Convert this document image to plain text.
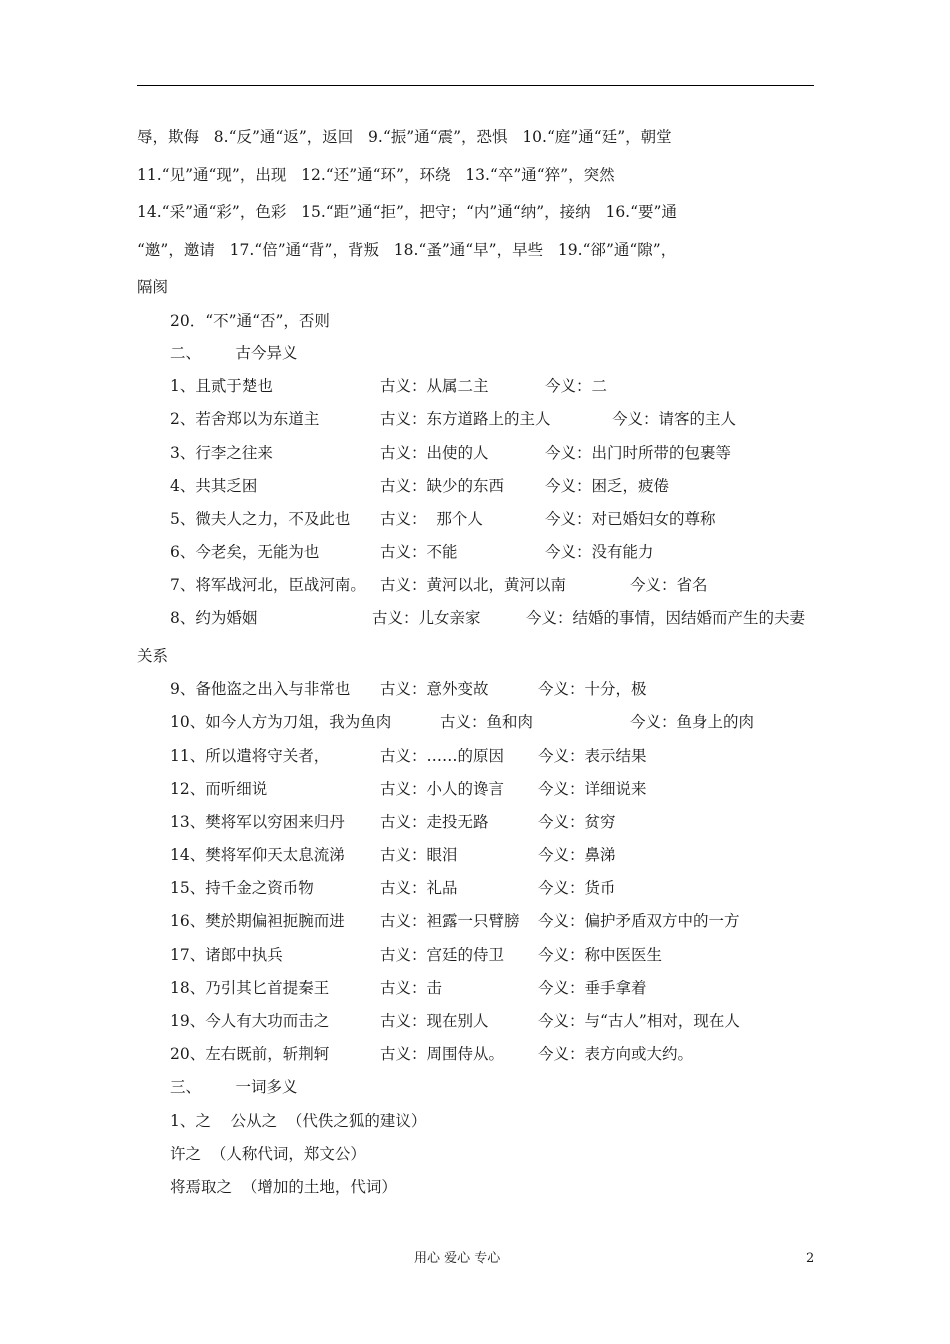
辱，欺侮   8.“反”通“返”，返回   9.“振”通“震”，恐惧   10.“庭”通“廷”，朝堂
11.“见”通“现”，出现   12.“还”通“环”，环绕   13.“卒”通“猝”，突然
14.“采”通“彩”，色彩   15.“距”通“拒”，把守；“内”通“纳”，接纳   16.“要”通
“邀”，邀请   17.“倍”通“背”，背叛   18.“蚤”通“早”，早些   19.“郤”通“隙”，
隔阂
20．“不”通“否”，否则
二、       古今异义
1、且贰于楚也	古义：从属二主	今义：二
2、若舍郑以为东道主	古义：东方道路上的主人	今义：请客的主人
3、行李之往来	古义：出使的人	今义：出门时所带的包裹等
4、共其乏困	古义：缺少的东西	今义：困乏，疲倦
5、微夫人之力，不及此也 古义：  那个人	今义：对已婚妇女的尊称
6、今老矣，无能为也	古义：不能	今义：没有能力
7、将军战河北，臣战河南。 古义：黄河以北，黄河以南	今义：省名
8、约为婚姻	古义：儿女亲家	今义：结婚的事情，因结婚而产生的夫妻
关系
9、备他盗之出入与非常也 古义：意外变故	今义：十分，极
10、如今人方为刀俎，我为鱼肉	古义：鱼和肉	今义：鱼身上的肉
11、所以遣将守关者，	古义：……的原因 今义：表示结果
12、而听细说	古义：小人的谗言 今义：详细说来
13、樊将军以穷困来归丹 古义：走投无路	今义：贫穷
14、樊将军仰天太息流涕 古义：眼泪	今义：鼻涕
15、持千金之资币物	古义：礼品	今义：货币
16、樊於期偏袒扼腕而进 古义：袒露一只臂膀 今义：偏护矛盾双方中的一方
17、诸郎中执兵	古义：宫廷的侍卫 今义：称中医医生
18、乃引其匕首提秦王	古义：击	今义：垂手拿着
19、今人有大功而击之	古义：现在别人	今义：与“古人”相对，现在人
20、左右既前，斩荆轲	古义：周围侍从。 今义：表方向或大约。
三、       一词多义
1、之    公从之  （代佚之狐的建议）
许之  （人称代词，郑文公）
将焉取之  （增加的土地，代词）
用心 爱心 专心	2
